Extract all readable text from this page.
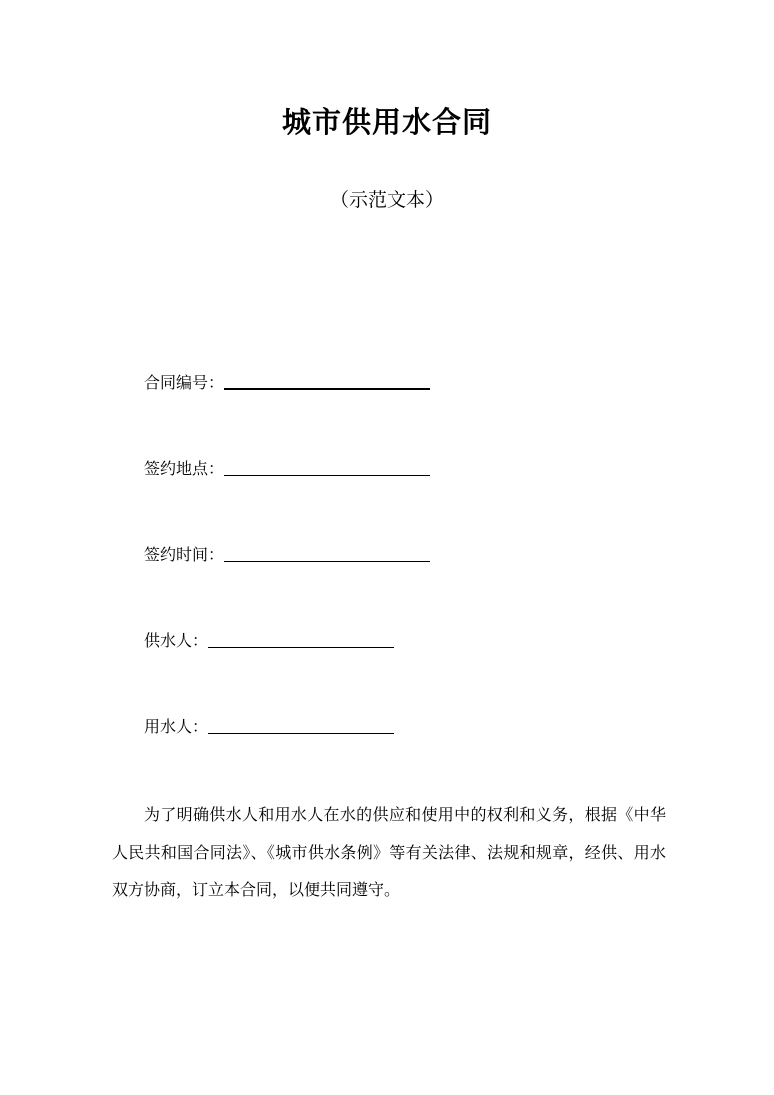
城市供用水合同
（示范文本）
合同编号：
签约地点：
签约时间：
供水人：
用水人：
为了明确供水人和用水人在水的供应和使用中的权利和义务，根据《中华人民共和国合同法》、《城市供水条例》等有关法律、法规和规章，经供、用水双方协商，订立本合同，以便共同遵守。
